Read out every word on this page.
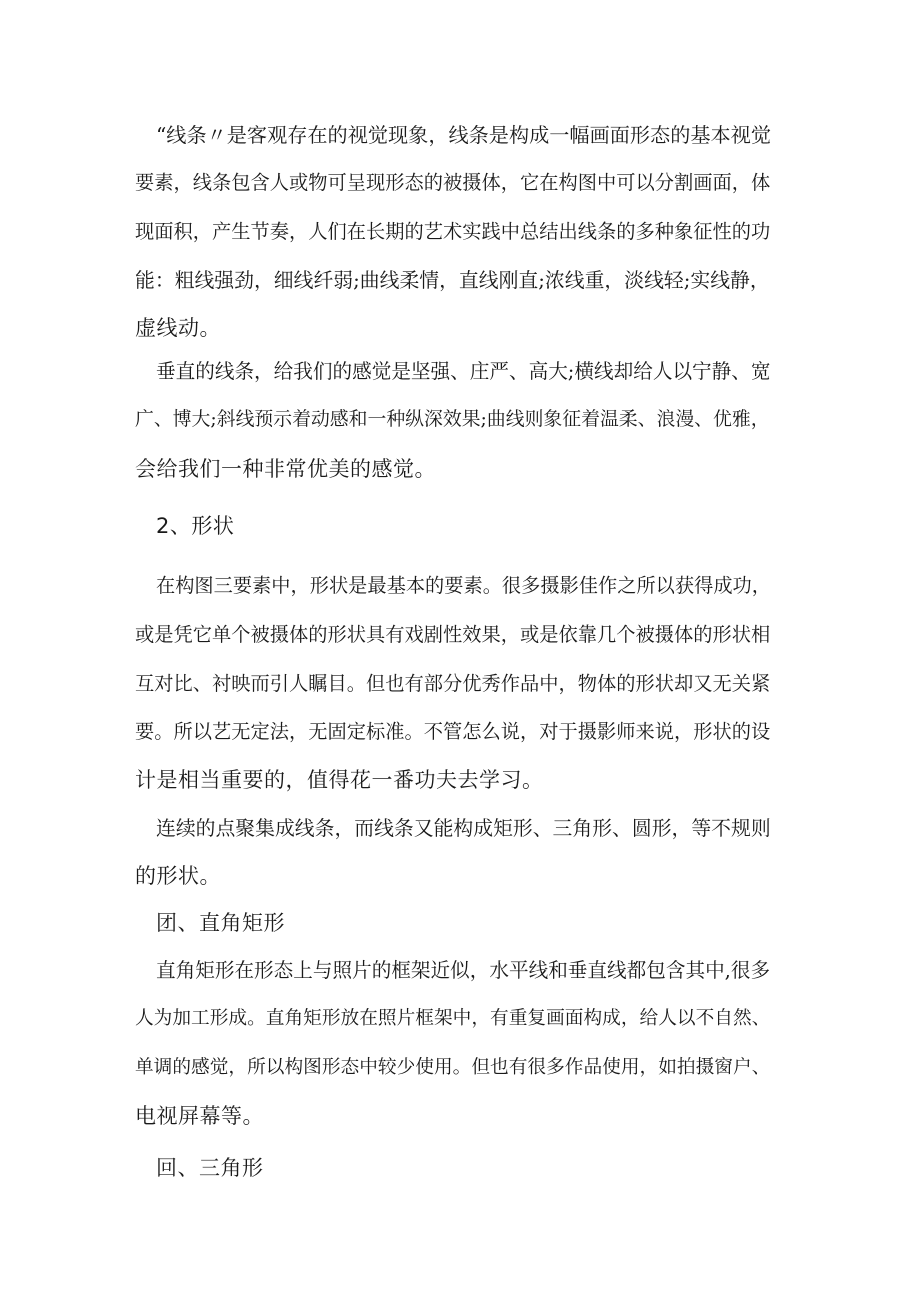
“线条〃是客观存在的视觉现象，线条是构成一幅画面形态的基本视觉
要素，线条包含人或物可呈现形态的被摄体，它在构图中可以分割画面，体
现面积，产生节奏，人们在长期的艺术实践中总结出线条的多种象征性的功
能：粗线强劲，细线纤弱;曲线柔情，直线刚直;浓线重，淡线轻;实线静，
虚线动。
垂直的线条，给我们的感觉是坚强、庄严、高大;横线却给人以宁静、宽
广、博大;斜线预示着动感和一种纵深效果;曲线则象征着温柔、浪漫、优雅，
会给我们一种非常优美的感觉。
2、形状
在构图三要素中，形状是最基本的要素。很多摄影佳作之所以获得成功，
或是凭它单个被摄体的形状具有戏剧性效果，或是依靠几个被摄体的形状相
互对比、衬映而引人瞩目。但也有部分优秀作品中，物体的形状却又无关紧
要。所以艺无定法，无固定标准。不管怎么说，对于摄影师来说，形状的设
计是相当重要的，值得花一番功夫去学习。
连续的点聚集成线条，而线条又能构成矩形、三角形、圆形，等不规则
的形状。
团、直角矩形
直角矩形在形态上与照片的框架近似，水平线和垂直线都包含其中,很多
人为加工形成。直角矩形放在照片框架中，有重复画面构成，给人以不自然、
单调的感觉，所以构图形态中较少使用。但也有很多作品使用，如拍摄窗户、
电视屏幕等。
回、三角形
